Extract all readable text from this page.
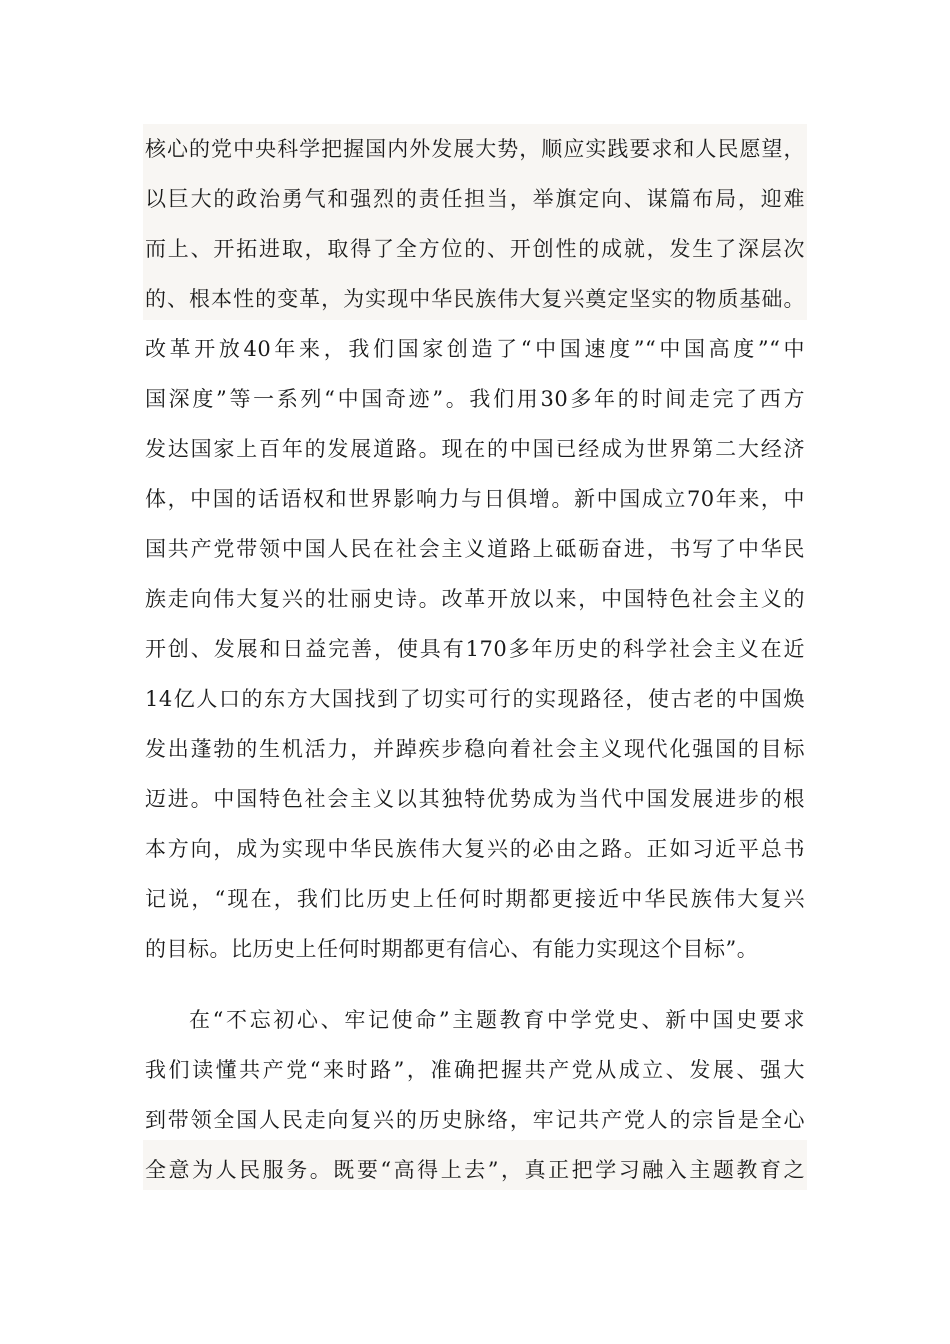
核心的党中央科学把握国内外发展大势，顺应实践要求和人民愿望，
以巨大的政治勇气和强烈的责任担当，举旗定向、谋篇布局，迎难
而上、开拓进取，取得了全方位的、开创性的成就，发生了深层次
的、根本性的变革，为实现中华民族伟大复兴奠定坚实的物质基础。
改革开放40年来，我们国家创造了“中国速度”“中国高度”“中
国深度”等一系列“中国奇迹”。我们用30多年的时间走完了西方
发达国家上百年的发展道路。现在的中国已经成为世界第二大经济
体，中国的话语权和世界影响力与日俱增。新中国成立70年来，中
国共产党带领中国人民在社会主义道路上砥砺奋进，书写了中华民
族走向伟大复兴的壮丽史诗。改革开放以来，中国特色社会主义的
开创、发展和日益完善，使具有170多年历史的科学社会主义在近
14亿人口的东方大国找到了切实可行的实现路径，使古老的中国焕
发出蓬勃的生机活力，并踔疾步稳向着社会主义现代化强国的目标
迈进。中国特色社会主义以其独特优势成为当代中国发展进步的根
本方向，成为实现中华民族伟大复兴的必由之路。正如习近平总书
记说，“现在，我们比历史上任何时期都更接近中华民族伟大复兴
的目标。比历史上任何时期都更有信心、有能力实现这个目标”。
在“不忘初心、牢记使命”主题教育中学党史、新中国史要求
我们读懂共产党“来时路”，准确把握共产党从成立、发展、强大
到带领全国人民走向复兴的历史脉络，牢记共产党人的宗旨是全心
全意为人民服务。既要“高得上去”，真正把学习融入主题教育之
